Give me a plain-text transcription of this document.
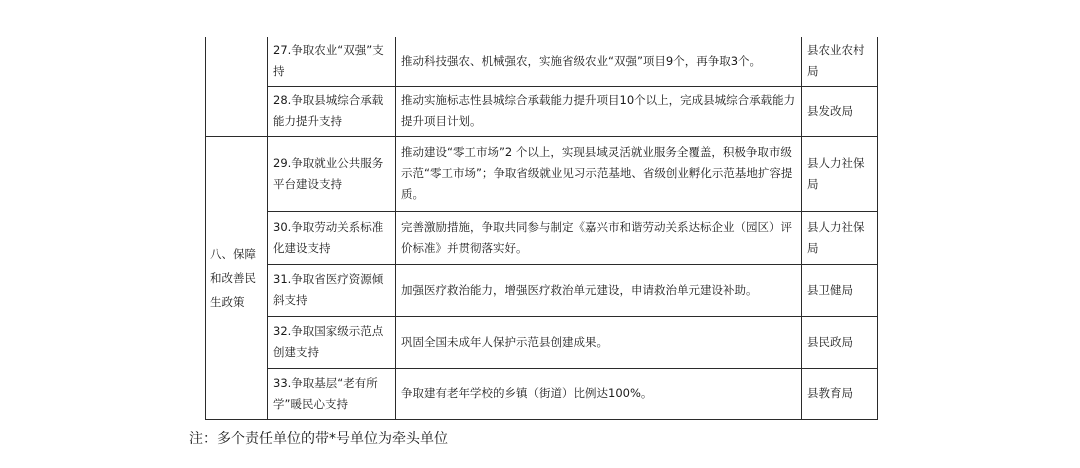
	27.争取农业“双强”支持	推动科技强农、机械强农，实施省级农业“双强”项目9个，再争取3个。	县农业农村局
	28.争取县城综合承载能力提升支持	推动实施标志性县城综合承载能力提升项目10个以上，完成县城综合承载能力提升项目计划。	县发改局
八、保障和改善民生政策	29.争取就业公共服务平台建设支持	推动建设“零工市场”2 个以上，实现县域灵活就业服务全覆盖，积极争取市级示范“零工市场”；争取省级就业见习示范基地、省级创业孵化示范基地扩容提质。	县人力社保局
	30.争取劳动关系标准化建设支持	完善激励措施，争取共同参与制定《嘉兴市和谐劳动关系达标企业（园区）评价标准》并贯彻落实好。	县人力社保局
	31.争取省医疗资源倾斜支持	加强医疗救治能力，增强医疗救治单元建设，申请救治单元建设补助。	县卫健局
	32.争取国家级示范点创建支持	巩固全国未成年人保护示范县创建成果。	县民政局
	33.争取基层“老有所学”暖民心支持	争取建有老年学校的乡镇（街道）比例达100%。	县教育局
注：多个责任单位的带*号单位为牵头单位
